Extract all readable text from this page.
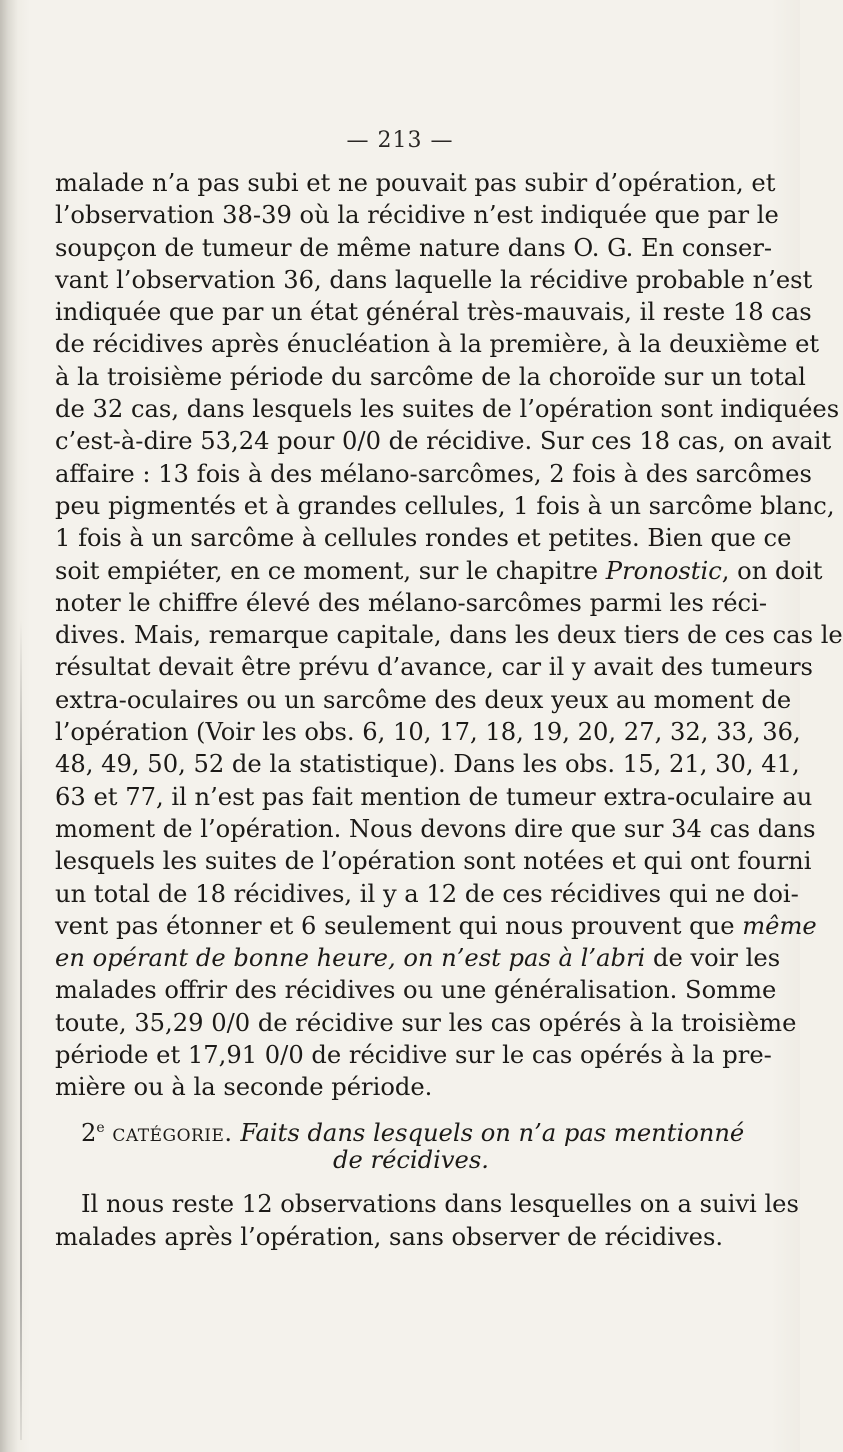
— 213 —
malade n’a pas subi et ne pouvait pas subir d’opération, et
l’observation 38-39 où la récidive n’est indiquée que par le
soupçon de tumeur de même nature dans O. G. En conser-
vant l’observation 36, dans laquelle la récidive probable n’est
indiquée que par un état général très-mauvais, il reste 18 cas
de récidives après énucléation à la première, à la deuxième et
à la troisième période du sarcôme de la choroïde sur un total
de 32 cas, dans lesquels les suites de l’opération sont indiquées
c’est-à-dire 53,24 pour 0/0 de récidive. Sur ces 18 cas, on avait
affaire : 13 fois à des mélano-sarcômes, 2 fois à des sarcômes
peu pigmentés et à grandes cellules, 1 fois à un sarcôme blanc,
1 fois à un sarcôme à cellules rondes et petites. Bien que ce
soit empiéter, en ce moment, sur le chapitre Pronostic, on doit
noter le chiffre élevé des mélano-sarcômes parmi les réci-
dives. Mais, remarque capitale, dans les deux tiers de ces cas le
résultat devait être prévu d’avance, car il y avait des tumeurs
extra-oculaires ou un sarcôme des deux yeux au moment de
l’opération (Voir les obs. 6, 10, 17, 18, 19, 20, 27, 32, 33, 36,
48, 49, 50, 52 de la statistique). Dans les obs. 15, 21, 30, 41,
63 et 77, il n’est pas fait mention de tumeur extra-oculaire au
moment de l’opération. Nous devons dire que sur 34 cas dans
lesquels les suites de l’opération sont notées et qui ont fourni
un total de 18 récidives, il y a 12 de ces récidives qui ne doi-
vent pas étonner et 6 seulement qui nous prouvent que même
en opérant de bonne heure, on n’est pas à l’abri de voir les
malades offrir des récidives ou une généralisation. Somme
toute, 35,29 0/0 de récidive sur les cas opérés à la troisième
période et 17,91 0/0 de récidive sur le cas opérés à la pre-
mière ou à la seconde période.
2e catégorie. Faits dans lesquels on n’a pas mentionné
de récidives.
Il nous reste 12 observations dans lesquelles on a suivi les
malades après l’opération, sans observer de récidives.
